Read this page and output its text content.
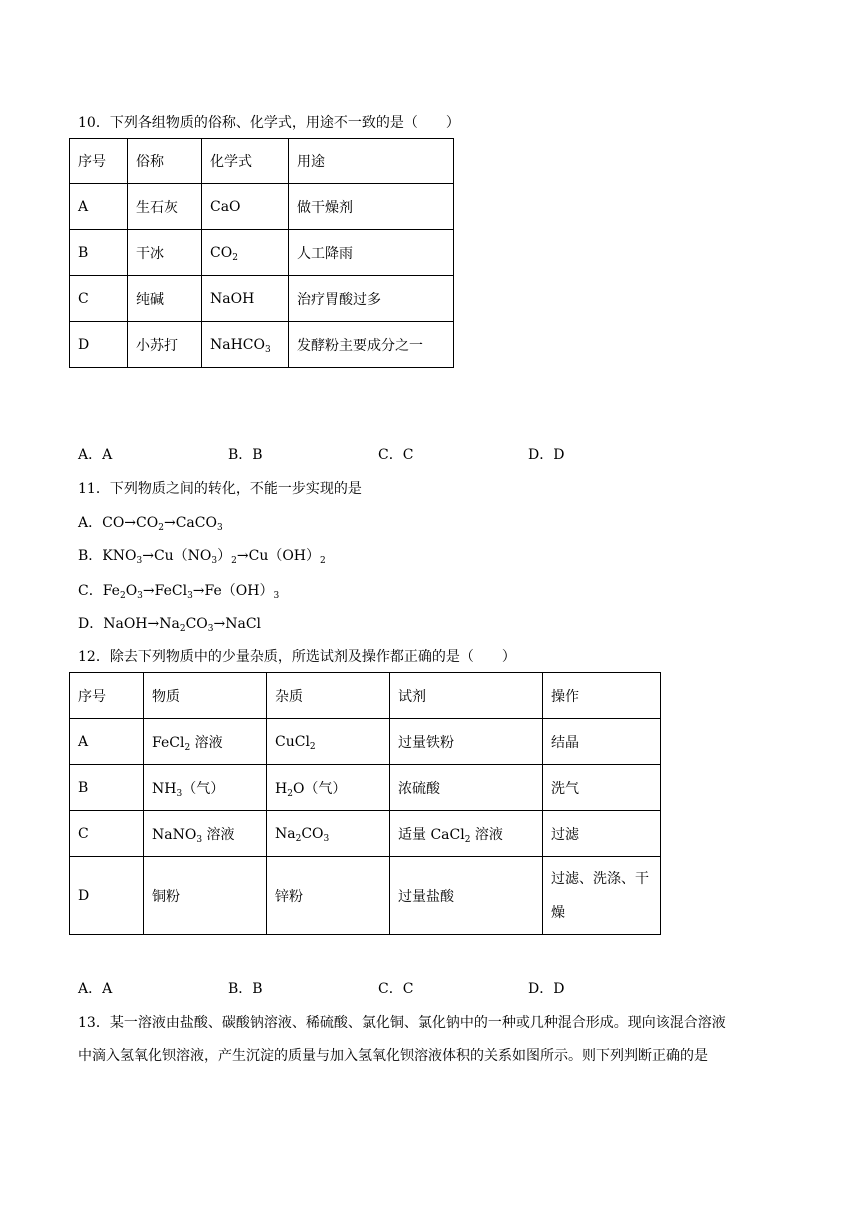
10．下列各组物质的俗称、化学式，用途不一致的是（　　）
序号	俗称	化学式	用途
A	生石灰	CaO	做干燥剂
B	干冰	$CO_2$	人工降雨
C	纯碱	NaOH	治疗胃酸过多
D	小苏打	NaHCO$_3$	发酵粉主要成分之一
A．A	B．B	C．C	D．D
11．下列物质之间的转化，不能一步实现的是
A．$CO\to CO_2\to CaCO_3$
B．$KNO_3\to Cu(NO_3)_2\to Cu(OH)_2$
C．$Fe_2O_3\to FeCl_3\to Fe(OH)_3$
D．$NaOH\to Na_2CO_3\to NaCl$
12．除去下列物质中的少量杂质，所选试剂及操作都正确的是（　　）
序号	物质	杂质	试剂	操作
A	FeCl$_2$ 溶液	CuCl$_2$	过量铁粉	结晶
B	$NH_3$（气）	$H_2O$（气）	浓硫酸	洗气
C	NaNO$_3$ 溶液	$Na_2CO_3$	适量 CaCl$_2$ 溶液	过滤
D	铜粉	锌粉	过量盐酸	过滤、洗涤、干
燥
A．A	B．B	C．C	D．D
13．某一溶液由盐酸、碳酸钠溶液、稀硫酸、氯化铜、氯化钠中的一种或几种混合形成。现向该混合溶液
中滴入氢氧化钡溶液，产生沉淀的质量与加入氢氧化钡溶液体积的关系如图所示。则下列判断正确的是
